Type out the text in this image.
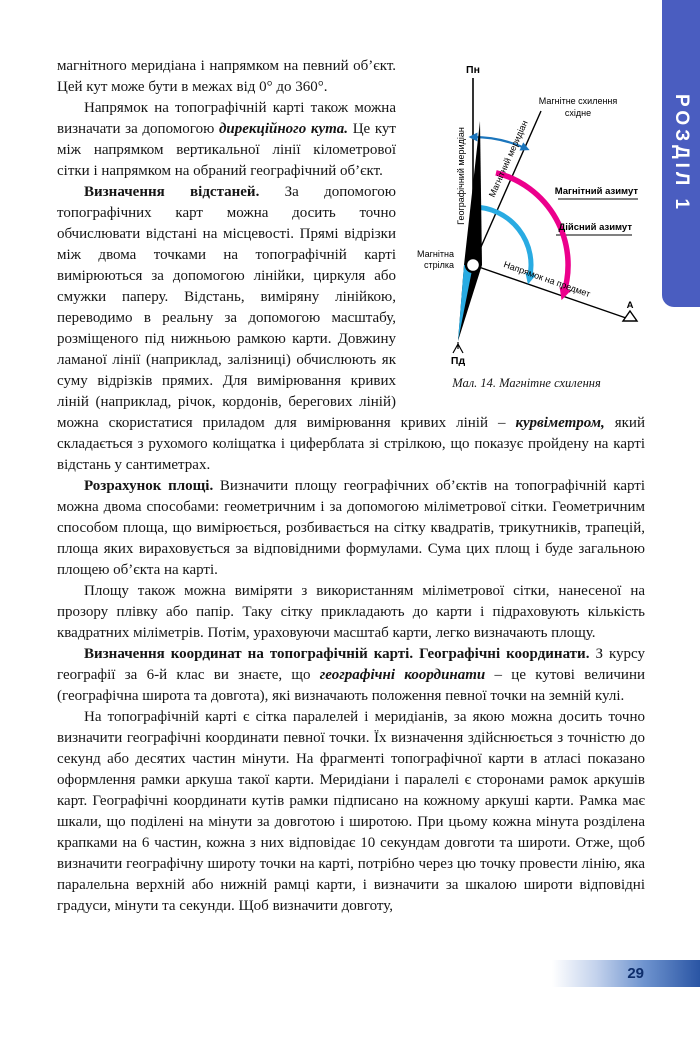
РОЗДІЛ 1
Пн
Пд
Магнітне схилення
східне
Географічний меридіан Магнітний меридіан	Магнітний азимут
Дійсний азимут
Магнітна
стрілка	Напрямок на предмет
А
Мал. 14. Магнітне схилення

магнітного меридіана і напрямком на певний об’єкт. Цей кут може бути в межах від 0° до 360°.

Напрямок на топографічній карті також можна визначати за допомогою дирекційного кута. Це кут між напрямком вертикальної лінії кілометрової сітки і напрямком на обраний географічний об’єкт.

Визначення відстаней. За допомогою топографічних карт можна досить точно обчислювати відстані на місцевості. Прямі відрізки між двома точками на топографічній карті вимірюються за допомогою лінійки, циркуля або смужки паперу. Відстань, виміряну лінійкою, переводимо в реальну за допомогою масштабу, розміщеного під нижньою рамкою карти. Довжину ламаної лінії (наприклад, залізниці) обчислюють як суму відрізків прямих. Для вимірювання кривих ліній (наприклад, річок, кордонів, берегових ліній) можна скористатися приладом для вимірювання кривих ліній – курвіметром, який складається з рухомого коліщатка і циферблата зі стрілкою, що показує пройдену на карті відстань у сантиметрах.

Розрахунок площі. Визначити площу географічних об’єктів на топографічній карті можна двома способами: геометричним і за допомогою міліметрової сітки. Геометричним способом площа, що вимірюється, розбивається на сітку квадратів, трикутників, трапецій, площа яких вираховується за відповідними формулами. Сума цих площ і буде загальною площею об’єкта на карті.

Площу також можна виміряти з використанням міліметрової сітки, нанесеної на прозору плівку або папір. Таку сітку прикладають до карти і підраховують кількість квадратних міліметрів. Потім, ураховуючи масштаб карти, легко визначають площу.

Визначення координат на топографічній карті. Географічні координати. З курсу географії за 6-й клас ви знаєте, що географічні координати – це кутові величини (географічна широта та довгота), які визначають положення певної точки на земній кулі.

На топографічній карті є сітка паралелей і меридіанів, за якою можна досить точно визначити географічні координати певної точки. Їх визначення здійснюється з точністю до секунд або десятих частин мінути. На фрагменті топографічної карти в атласі показано оформлення рамки аркуша такої карти. Меридіани і паралелі є сторонами рамок аркушів карт. Географічні координати кутів рамки підписано на кожному аркуші карти. Рамка має шкали, що поділені на мінути за довготою і широтою. При цьому кожна мінута розділена крапками на 6 частин, кожна з них відповідає 10 секундам довготи та широти. Отже, щоб визначити географічну широту точки на карті, потрібно через цю точку провести лінію, яка паралельна верхній або нижній рамці карти, і визначити за шкалою широти відповідні градуси, мінути та секунди. Щоб визначити довготу,

29
